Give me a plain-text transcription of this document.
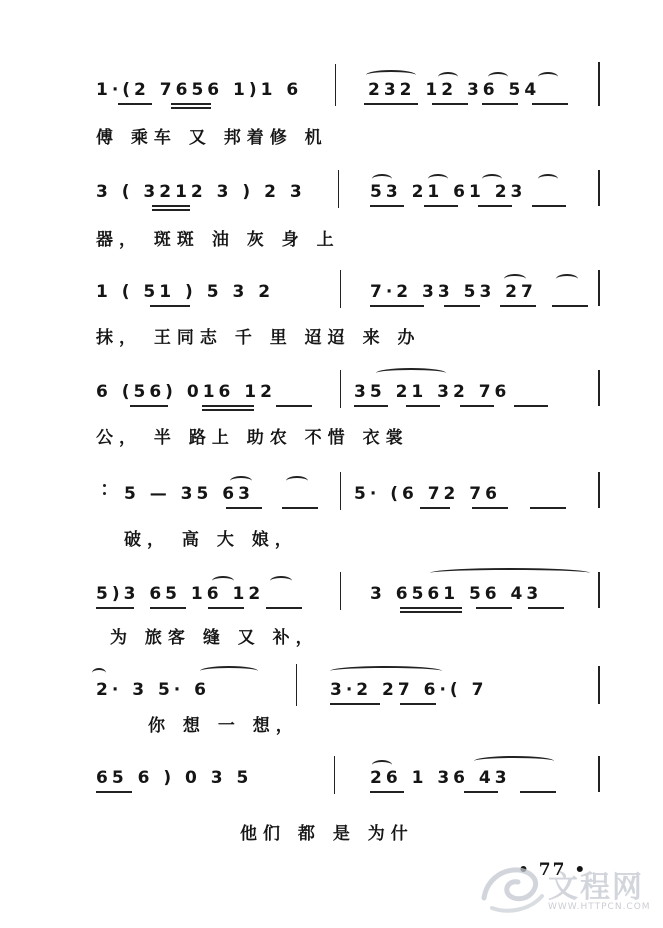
1·(2 7656 1)1 6	232 12 36 54
傅 乘车 又 邦着修 机
3 ( 3212 3 ) 2 3	53 21 61 23
器， 斑斑 油 灰 身 上
1 ( 51 ) 5 3 2	7·2 33 53 27
抹， 王同志 千 里 迢迢 来 办
6 (56) 016 12	35 21 32 76
公， 半 路上 助农 不惜 衣裳
5 — 35 63	5· (6 72 76
破， 高 大 娘，
5)3 65 16 12	3 6561 56 43
为 旅客 缝 又 补，
2· 3 5· 6	3·2 27 6·( 7
你 想 一 想，
65 6 ) 0 3 5	26 1 36 43
他们 都 是 为什
• 77 •
文程网
WWW.HTTPCN.COM
